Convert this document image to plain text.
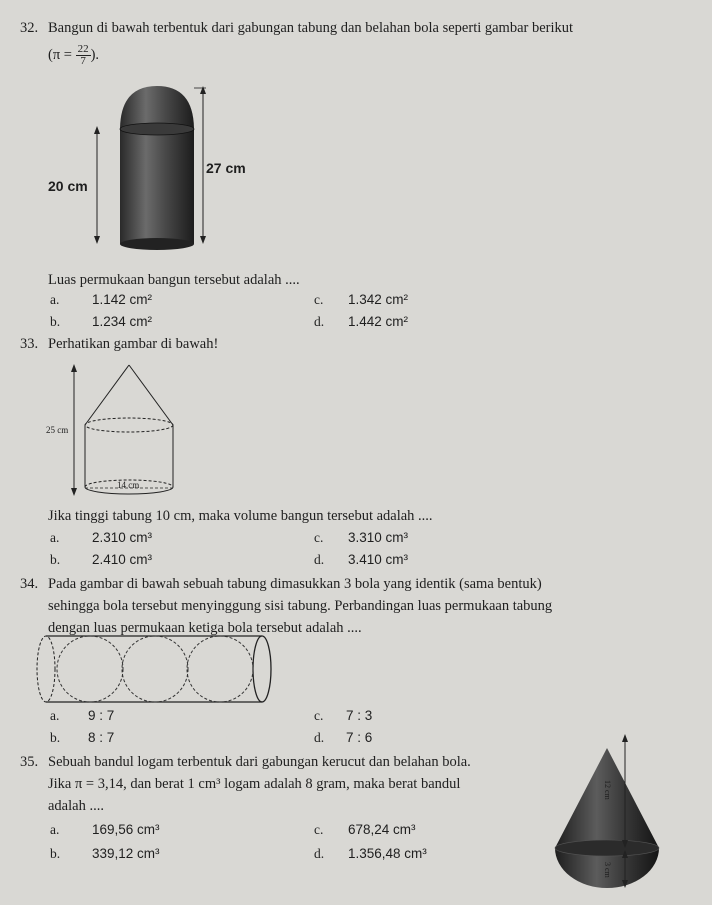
32. Bangun di bawah terbentuk dari gabungan tabung dan belahan bola seperti gambar berikut
($\pi = \frac{22}{7}$ ).
20 cm
27 cm
Luas permukaan bangun tersebut adalah ....
a. 1.142 cm²
b. 1.234 cm²
c. 1.342 cm²
d. 1.442 cm²
33. Perhatikan gambar di bawah!
25 cm
14 cm
Jika tinggi tabung 10 cm, maka volume bangun tersebut adalah ....
a. 2.310 cm³
b. 2.410 cm³
c. 3.310 cm³
d. 3.410 cm³
34. Pada gambar di bawah sebuah tabung dimasukkan 3 bola yang identik (sama bentuk)
sehingga bola tersebut menyinggung sisi tabung. Perbandingan luas permukaan tabung
dengan luas permukaan ketiga bola tersebut adalah ....
a. 9 : 7
b. 8 : 7
c. 7 : 3
d. 7 : 6
35. Sebuah bandul logam terbentuk dari gabungan kerucut dan belahan bola.
Jika π = 3,14, dan berat 1 cm³ logam adalah 8 gram, maka berat bandul
adalah ....
a. 169,56 cm³
b. 339,12 cm³
c. 678,24 cm³
d. 1.356,48 cm³
12 cm
3 cm
